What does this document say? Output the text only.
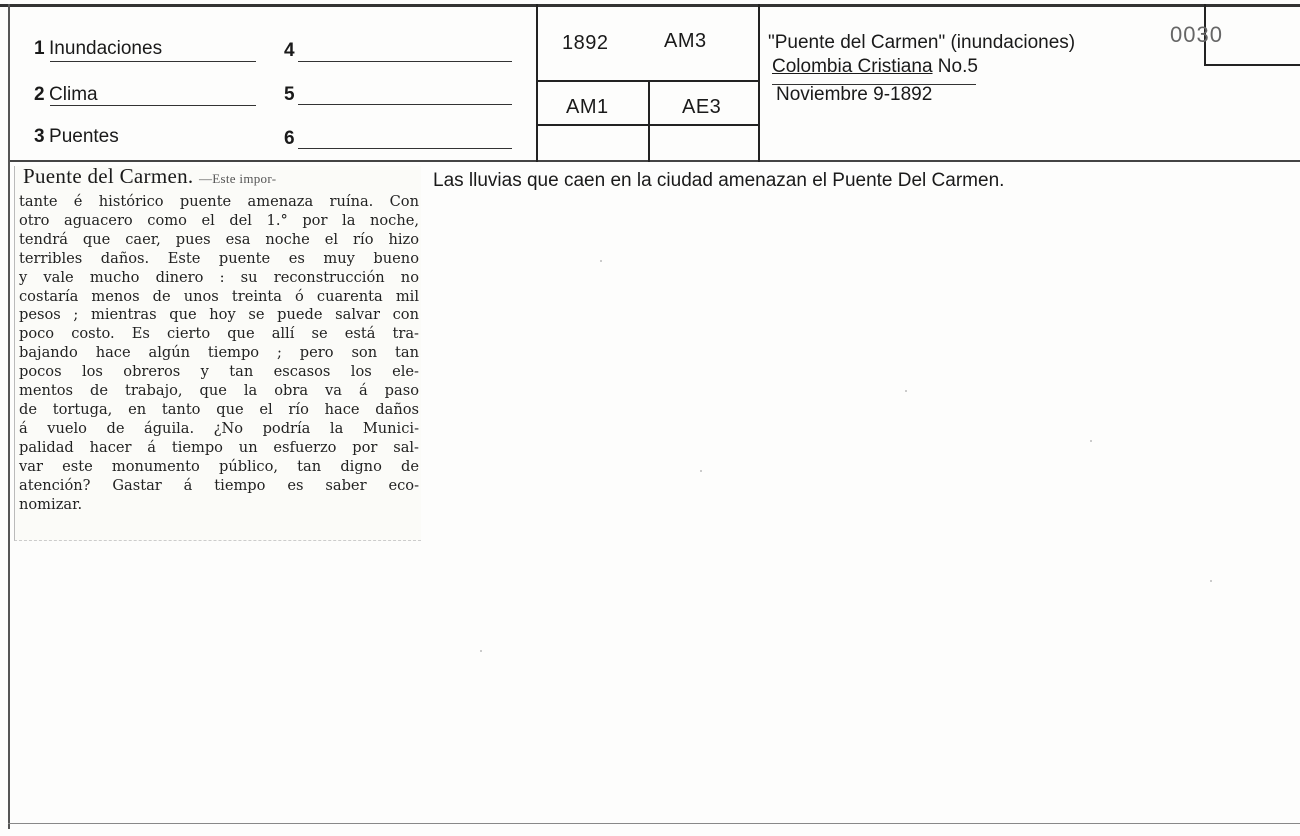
0030
1 Inundaciones
2 Clima
3 Puentes
4
5
6
1892	AM3
AM1	AE3
"Puente del Carmen" (inundaciones)
Colombia Cristiana No.5
Noviembre 9-1892
Puente del Carmen. —Este impor-
tante é histórico puente amenaza ruína. Con
otro aguacero como el del 1.° por la noche,
tendrá que caer, pues esa noche el río hizo
terribles daños. Este puente es muy bueno
y vale mucho dinero : su reconstrucción no
costaría menos de unos treinta ó cuarenta mil
pesos ; mientras que hoy se puede salvar con
poco costo. Es cierto que allí se está tra-
bajando hace algún tiempo ; pero son tan
pocos los obreros y tan escasos los ele-
mentos de trabajo, que la obra va á paso
de tortuga, en tanto que el río hace daños
á vuelo de águila. ¿No podría la Munici-
palidad hacer á tiempo un esfuerzo por sal-
var este monumento público, tan digno de
atención? Gastar á tiempo es saber eco-
nomizar.
Las lluvias que caen en la ciudad amenazan el Puente Del Carmen.
